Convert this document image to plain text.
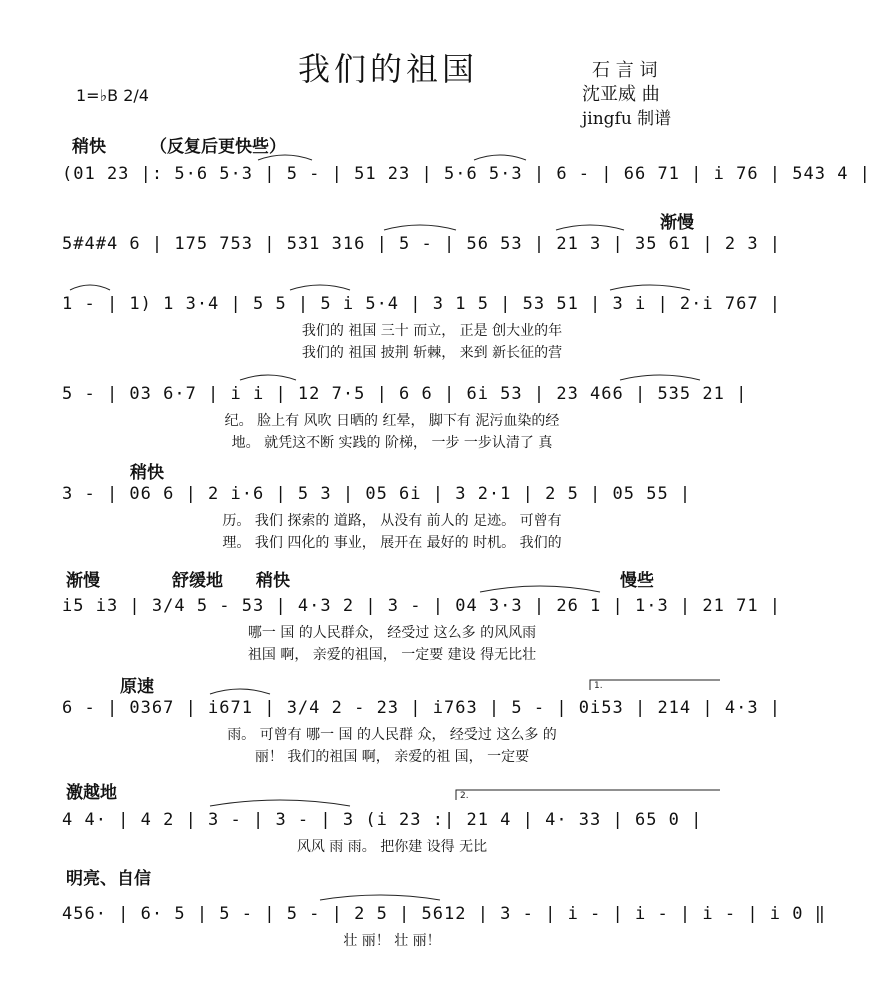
我们的祖国	石 言 词
沈亚威 曲
jingfu 制谱
1=♭B 2/4
稍快	（反复后更快些）
(01 23 |: 5·6 5·3 | 5 - | 51 23 | 5·6 5·3 | 6 - | 66 71 | i 76 | 543 4 |
渐慢
5#4#4 6 | 175 753 | 531 316 | 5 - | 56 53 | 21 3 | 35 61 | 2 3 |
1 - | 1) 1 3·4 | 5 5 | 5 i 5·4 | 3 1 5 | 53 51 | 3 i | 2·i 767 |
我们的 祖国 三十 而立， 正是 创大业的年
我们的 祖国 披荆 斩棘， 来到 新长征的营
5 - | 03 6·7 | i i | 12 7·5 | 6 6 | 6i 53 | 23 466 | 535 21 |
纪。 脸上有 风吹 日晒的 红晕， 脚下有 泥污血染的经
地。 就凭这不断 实践的 阶梯， 一步 一步认清了 真
稍快
3 - | 06 6 | 2 i·6 | 5 3 | 05 6i | 3 2·1 | 2 5 | 05 55 |
历。 我们 探索的 道路， 从没有 前人的 足迹。 可曾有
理。 我们 四化的 事业， 展开在 最好的 时机。 我们的
渐慢	舒缓地 稍快	慢些
i5 i3 | 3/4 5 - 53 | 4·3 2 | 3 - | 04 3·3 | 26 1 | 1·3 | 21 71 |
哪一 国 的人民群众， 经受过 这么多 的风风雨
祖国 啊， 亲爱的祖国， 一定要 建设 得无比壮
原速
6 - | 0367 | i671 | 3/4 2 - 23 | i763 | 5 - | 0i53 | 214 | 4·3 |
雨。 可曾有 哪一 国 的人民群 众， 经受过 这么多 的
丽！ 我们的祖国 啊， 亲爱的祖 国， 一定要
激越地
4 4· | 4 2 | 3 - | 3 - | 3 (i 23 :| 21 4 | 4· 33 | 65 0 |
风风 雨 雨。 把你建 设得 无比
明亮、自信
456· | 6· 5 | 5 - | 5 - | 2 5 | 5612 | 3 - | i - | i - | i - | i 0 ‖
壮 丽！ 壮 丽！
1.
2.
